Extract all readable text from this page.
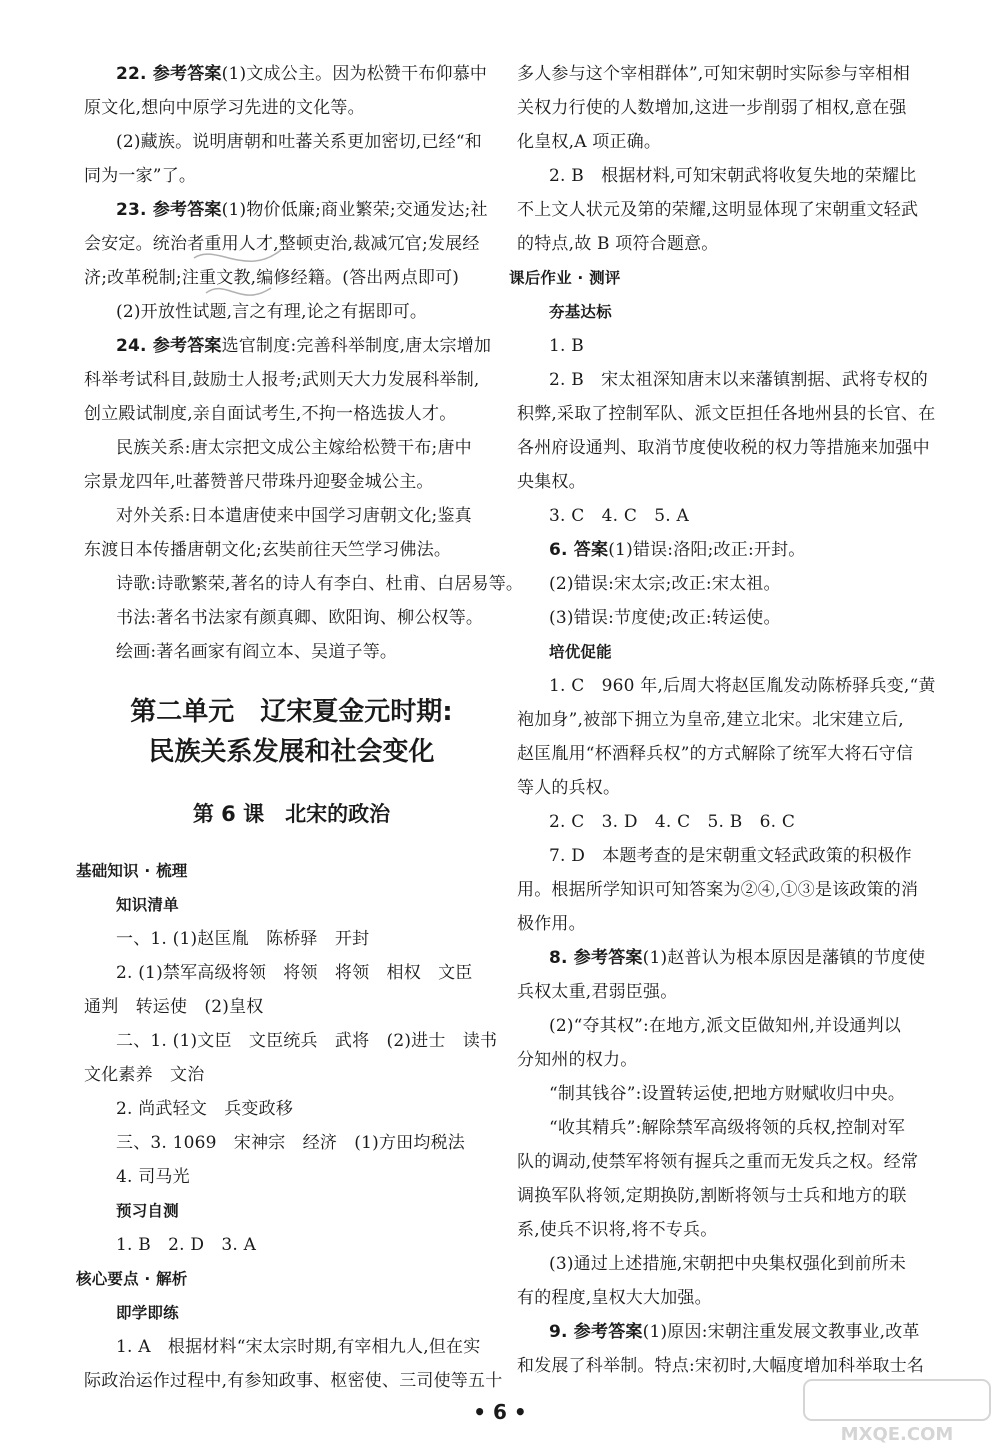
22. 参考答案(1)文成公主。因为松赞干布仰慕中
原文化,想向中原学习先进的文化等。
(2)藏族。说明唐朝和吐蕃关系更加密切,已经“和
同为一家”了。
23. 参考答案(1)物价低廉;商业繁荣;交通发达;社
会安定。统治者重用人才,整顿吏治,裁减冗官;发展经
济;改革税制;注重文教,编修经籍。(答出两点即可)
(2)开放性试题,言之有理,论之有据即可。
24. 参考答案选官制度:完善科举制度,唐太宗增加
科举考试科目,鼓励士人报考;武则天大力发展科举制,
创立殿试制度,亲自面试考生,不拘一格选拔人才。
民族关系:唐太宗把文成公主嫁给松赞干布;唐中
宗景龙四年,吐蕃赞普尺带珠丹迎娶金城公主。
对外关系:日本遣唐使来中国学习唐朝文化;鉴真
东渡日本传播唐朝文化;玄奘前往天竺学习佛法。
诗歌:诗歌繁荣,著名的诗人有李白、杜甫、白居易等。
书法:著名书法家有颜真卿、欧阳询、柳公权等。
绘画:著名画家有阎立本、吴道子等。
第二单元　辽宋夏金元时期:
民族关系发展和社会变化
第 6 课　北宋的政治
基础知识 · 梳理
知识清单
一、1. (1)赵匡胤　陈桥驿　开封
2. (1)禁军高级将领　将领　将领　相权　文臣
通判　转运使　(2)皇权
二、1. (1)文臣　文臣统兵　武将　(2)进士　读书
文化素养　文治
2. 尚武轻文　兵变政移
三、3. 1069　宋神宗　经济　(1)方田均税法
4. 司马光
预习自测
1. B　2. D　3. A
核心要点 · 解析
即学即练
1. A　根据材料“宋太宗时期,有宰相九人,但在实
际政治运作过程中,有参知政事、枢密使、三司使等五十
多人参与这个宰相群体”,可知宋朝时实际参与宰相相
关权力行使的人数增加,这进一步削弱了相权,意在强
化皇权,A 项正确。
2. B　根据材料,可知宋朝武将收复失地的荣耀比
不上文人状元及第的荣耀,这明显体现了宋朝重文轻武
的特点,故 B 项符合题意。
课后作业 · 测评
夯基达标
1. B
2. B　宋太祖深知唐末以来藩镇割据、武将专权的
积弊,采取了控制军队、派文臣担任各地州县的长官、在
各州府设通判、取消节度使收税的权力等措施来加强中
央集权。
3. C　4. C　5. A
6. 答案(1)错误:洛阳;改正:开封。
(2)错误:宋太宗;改正:宋太祖。
(3)错误:节度使;改正:转运使。
培优促能
1. C　960 年,后周大将赵匡胤发动陈桥驿兵变,“黄
袍加身”,被部下拥立为皇帝,建立北宋。北宋建立后,
赵匡胤用“杯酒释兵权”的方式解除了统军大将石守信
等人的兵权。
2. C　3. D　4. C　5. B　6. C
7. D　本题考查的是宋朝重文轻武政策的积极作
用。根据所学知识可知答案为②④,①③是该政策的消
极作用。
8. 参考答案(1)赵普认为根本原因是藩镇的节度使
兵权太重,君弱臣强。
(2)“夺其权”:在地方,派文臣做知州,并设通判以
分知州的权力。
“制其钱谷”:设置转运使,把地方财赋收归中央。
“收其精兵”:解除禁军高级将领的兵权,控制对军
队的调动,使禁军将领有握兵之重而无发兵之权。经常
调换军队将领,定期换防,割断将领与士兵和地方的联
系,使兵不识将,将不专兵。
(3)通过上述措施,宋朝把中央集权强化到前所未
有的程度,皇权大大加强。
9. 参考答案(1)原因:宋朝注重发展文教事业,改革
和发展了科举制。特点:宋初时,大幅度增加科举取士名
• 6 •
MXQE.COM
